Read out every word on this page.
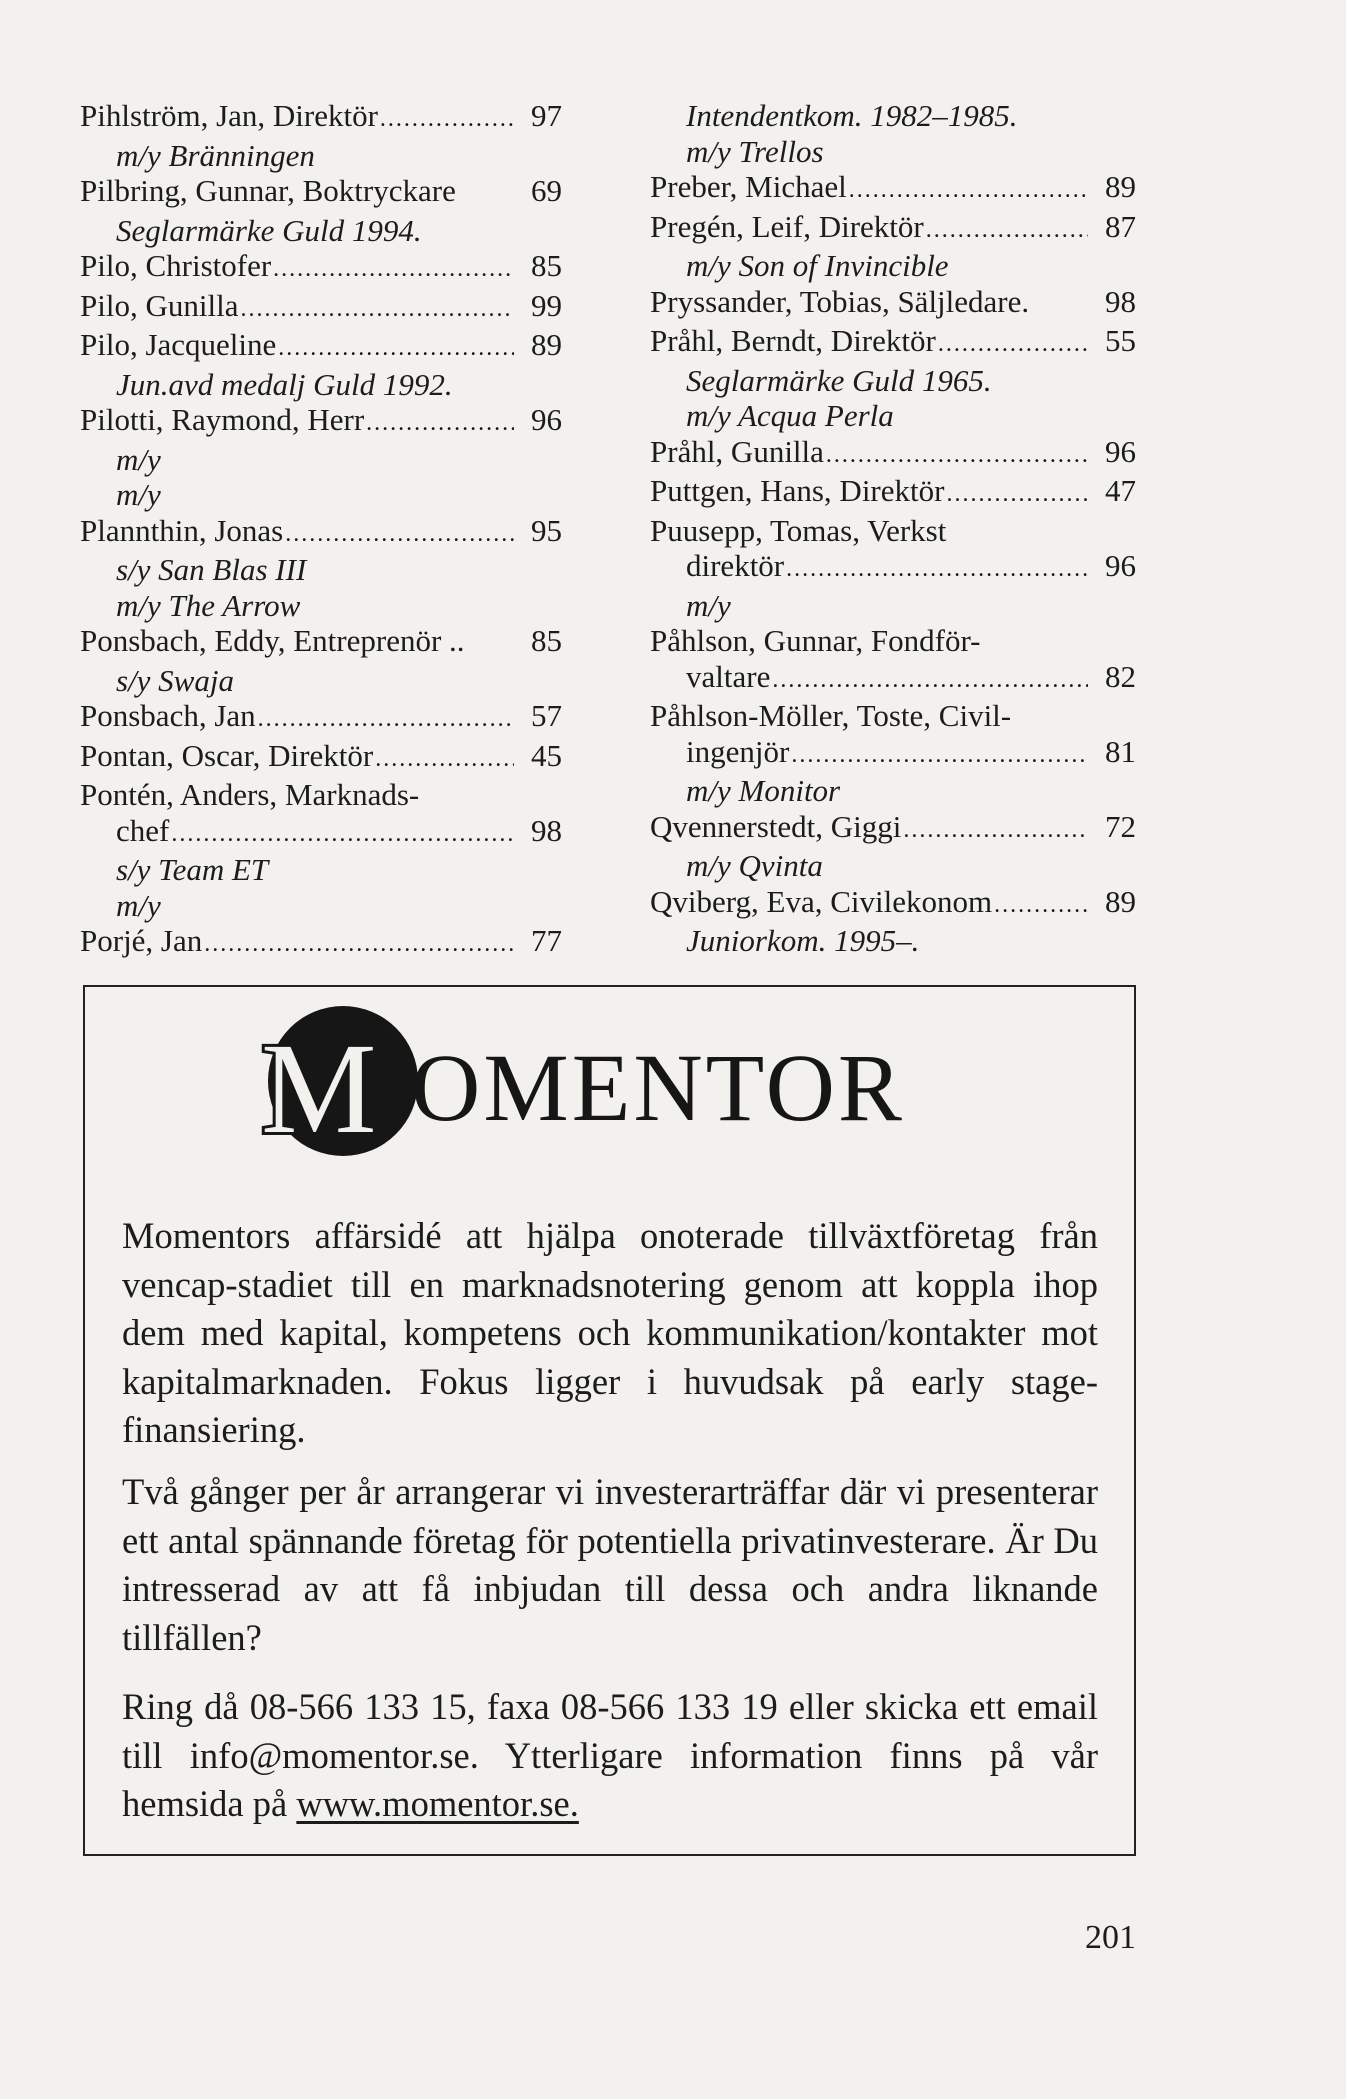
Pihlström, Jan, Direktör .....	97
m/y Bränningen
Pilbring, Gunnar, Boktryckare	69
Seglarmärke Guld 1994.
Pilo, Christofer .....	85
Pilo, Gunilla .....	99
Pilo, Jacqueline .....	89
Jun.avd medalj Guld 1992.
Pilotti, Raymond, Herr .....	96
m/y
m/y
Plannthin, Jonas .....	95
s/y San Blas III
m/y The Arrow
Ponsbach, Eddy, Entreprenör ..	85
s/y Swaja
Ponsbach, Jan .....	57
Pontan, Oscar, Direktör .....	45
Pontén, Anders, Marknads-
chef .....	98
s/y Team ET
m/y
Porjé, Jan .....	77
Intendentkom. 1982–1985.
m/y Trellos
Preber, Michael .....	89
Pregén, Leif, Direktör .....	87
m/y Son of Invincible
Pryssander, Tobias, Säljledare.	98
Pråhl, Berndt, Direktör .....	55
Seglarmärke Guld 1965.
m/y Acqua Perla
Pråhl, Gunilla .....	96
Puttgen, Hans, Direktör .....	47
Puusepp, Tomas, Verkst
direktör .....	96
m/y
Påhlson, Gunnar, Fondför-
valtare .....	82
Påhlson-Möller, Toste, Civil-
ingenjör .....	81
m/y Monitor
Qvennerstedt, Giggi .....	72
m/y Qvinta
Qviberg, Eva, Civilekonom .....	89
Juniorkom. 1995–.
M OMENTOR
Momentors affärsidé att hjälpa onoterade tillväxtföretag från vencap-stadiet till en marknadsnotering genom att koppla ihop dem med kapital, kompetens och kommunikation/kontakter mot kapitalmarknaden. Fokus ligger i huvudsak på early stage-finansiering.
Två gånger per år arrangerar vi investerarträffar där vi presenterar ett antal spännande företag för potentiella privatinvesterare. Är Du intresserad av att få inbjudan till dessa och andra liknande tillfällen?
Ring då 08-566 133 15, faxa 08-566 133 19 eller skicka ett email till info@momentor.se. Ytterligare information finns på vår hemsida på www.momentor.se.
201
